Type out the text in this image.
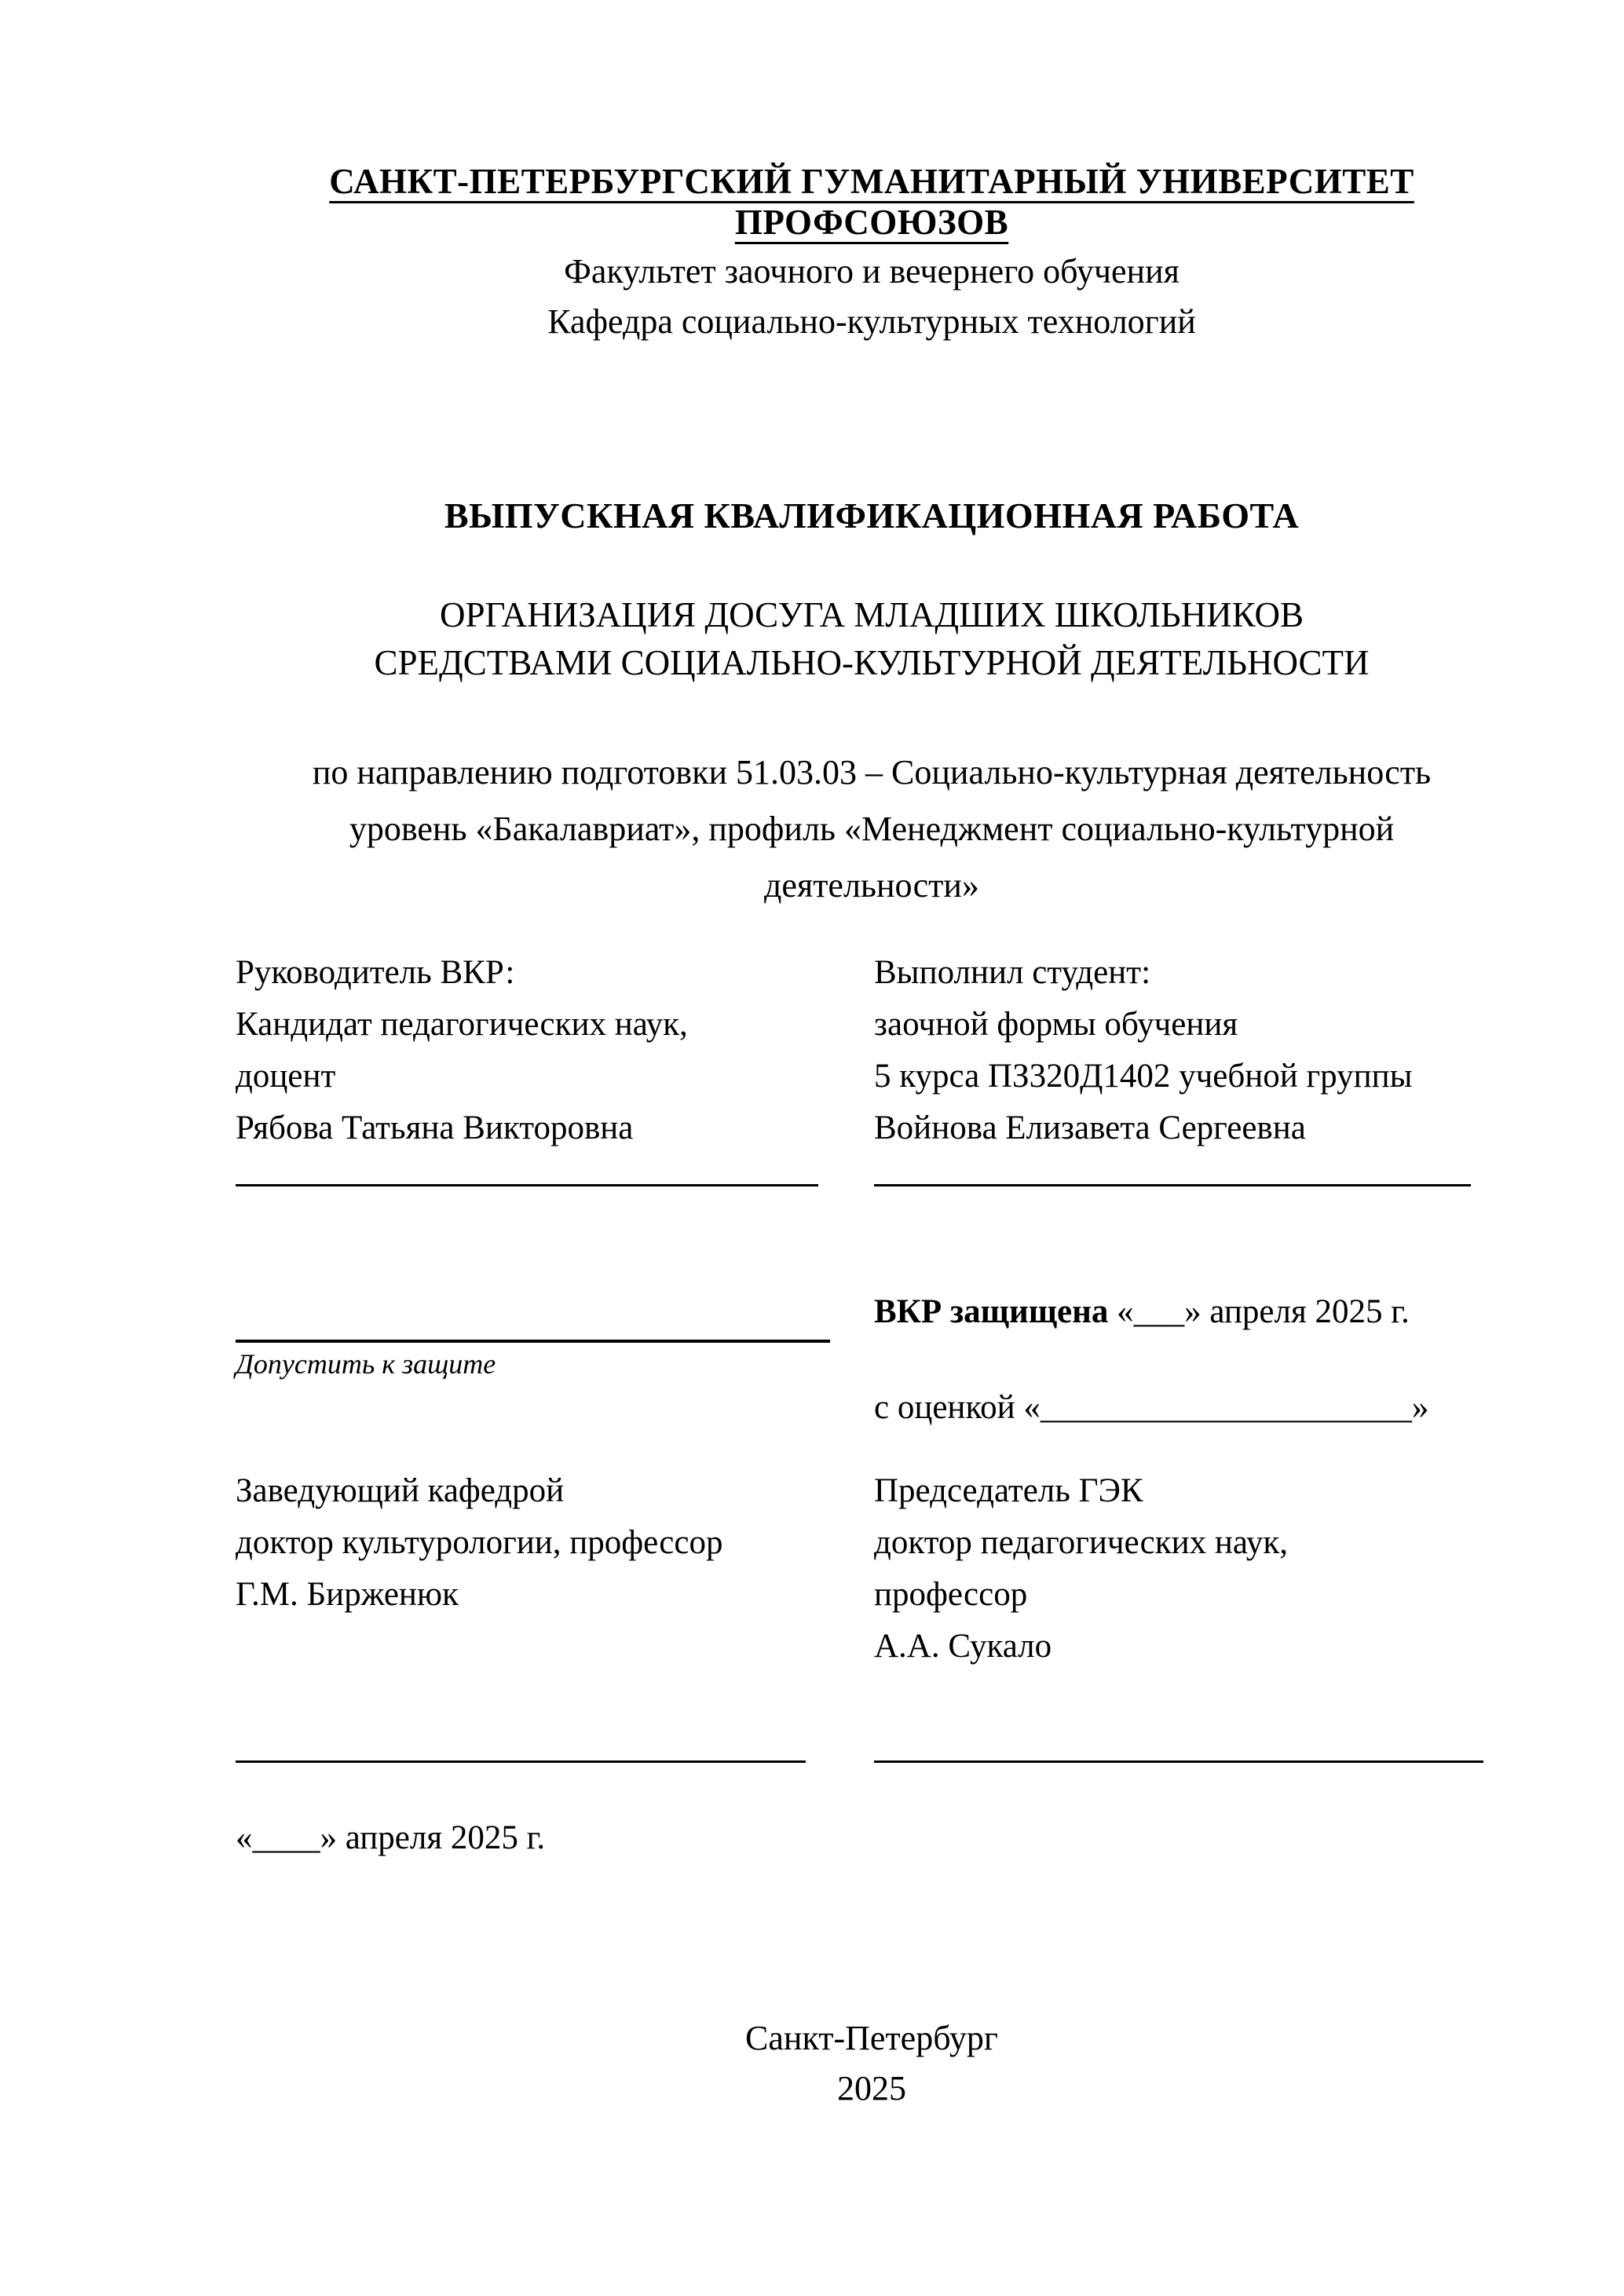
САНКТ-ПЕТЕРБУРГСКИЙ ГУМАНИТАРНЫЙ УНИВЕРСИТЕТ ПРОФСОЮЗОВ
Факультет заочного и вечернего обучения
Кафедра социально-культурных технологий
ВЫПУСКНАЯ КВАЛИФИКАЦИОННАЯ РАБОТА
ОРГАНИЗАЦИЯ ДОСУГА МЛАДШИХ ШКОЛЬНИКОВ
СРЕДСТВАМИ СОЦИАЛЬНО-КУЛЬТУРНОЙ ДЕЯТЕЛЬНОСТИ
по направлению подготовки 51.03.03 – Социально-культурная деятельность
уровень «Бакалавриат», профиль «Менеджмент социально-культурной
деятельности»
Руководитель ВКР:
Кандидат педагогических наук,
доцент
Рябова Татьяна Викторовна
Выполнил студент:
заочной формы обучения
5 курса ПЗ320Д1402 учебной группы
Войнова Елизавета Сергеевна
ВКР защищена «___» апреля 2025 г.
Допустить к защите
с оценкой «______________________»
Заведующий кафедрой
доктор культурологии, профессор
Г.М. Бирженюк
Председатель ГЭК
доктор педагогических наук,
профессор
А.А. Сукало
«____» апреля 2025 г.
Санкт-Петербург
2025
